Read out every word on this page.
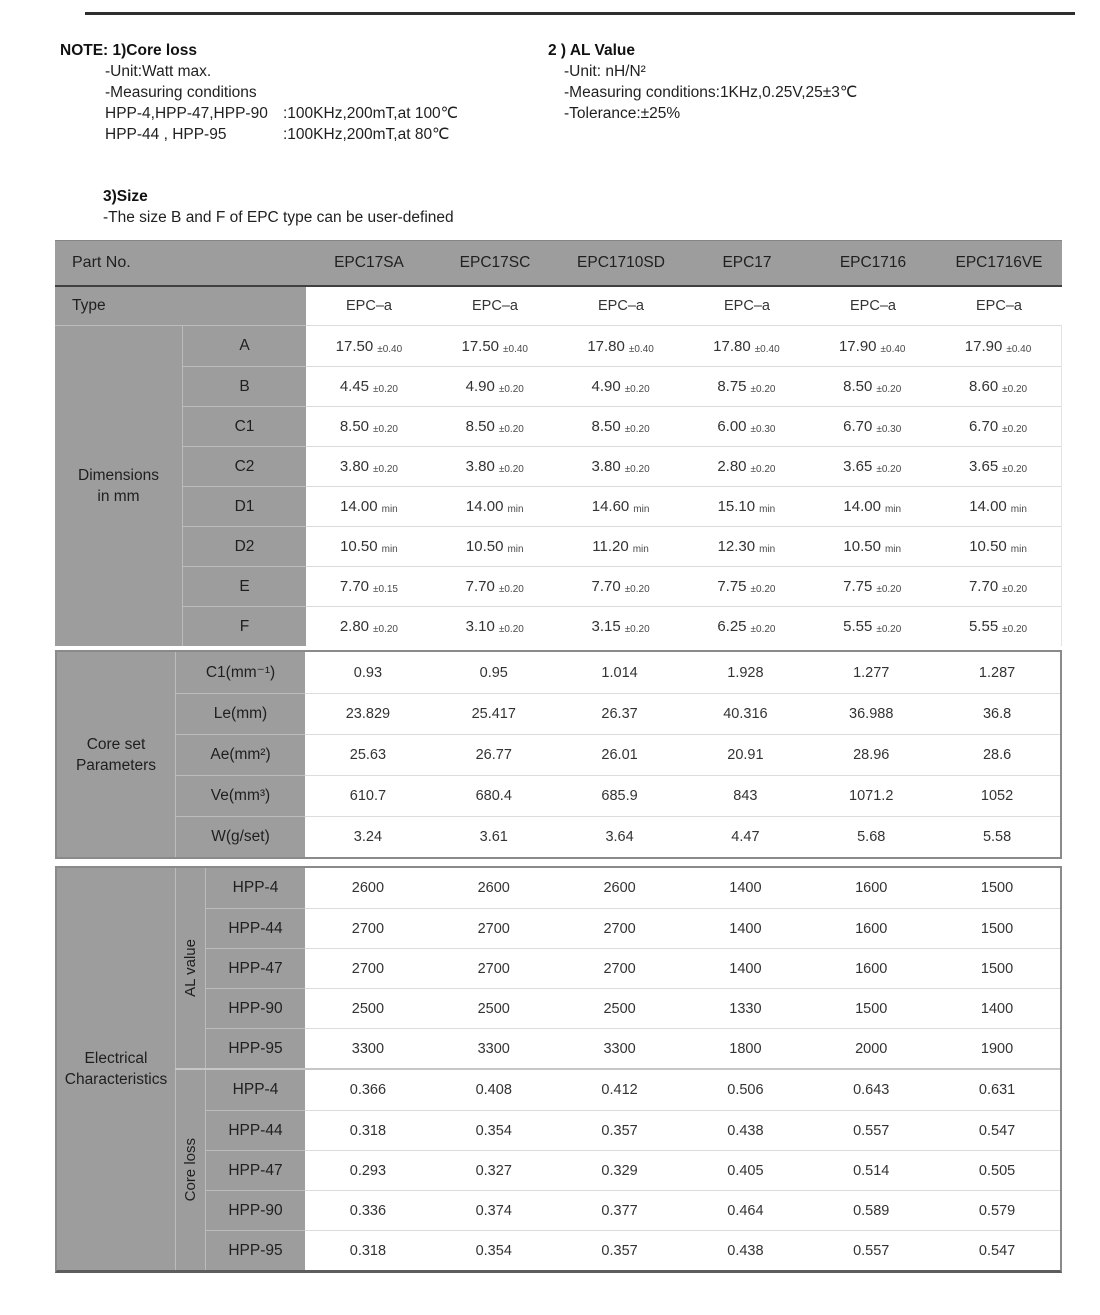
NOTE: 1)Core loss
-Unit:Watt max.
-Measuring conditions
HPP-4,HPP-47,HPP-90 :100KHz,200mT,at 100℃
HPP-44 , HPP-95	:100KHz,200mT,at 80℃
2 ) AL Value
-Unit: nH/N²
-Measuring conditions:1KHz,0.25V,25±3℃
-Tolerance:±25%
3)Size
-The size B and F of EPC type can be user-defined
Part No.	EPC17SA	EPC17SC	EPC1710SD	EPC17	EPC1716	EPC1716VE
Type	EPC–a	EPC–a	EPC–a	EPC–a	EPC–a	EPC–a
Dimensions
in mm
A	17.50 ±0.40	17.50 ±0.40	17.80 ±0.40	17.80 ±0.40	17.90 ±0.40	17.90 ±0.40
B	4.45 ±0.20	4.90 ±0.20	4.90 ±0.20	8.75 ±0.20	8.50 ±0.20	8.60 ±0.20
C1	8.50 ±0.20	8.50 ±0.20	8.50 ±0.20	6.00 ±0.30	6.70 ±0.30	6.70 ±0.20
C2	3.80 ±0.20	3.80 ±0.20	3.80 ±0.20	2.80 ±0.20	3.65 ±0.20	3.65 ±0.20
D1	14.00 min	14.00 min	14.60 min	15.10 min	14.00 min	14.00 min
D2	10.50 min	10.50 min	11.20 min	12.30 min	10.50 min	10.50 min
E	7.70 ±0.15	7.70 ±0.20	7.70 ±0.20	7.75 ±0.20	7.75 ±0.20	7.70 ±0.20
F	2.80 ±0.20	3.10 ±0.20	3.15 ±0.20	6.25 ±0.20	5.55 ±0.20	5.55 ±0.20
Core set
Parameters
C1(mm⁻¹)	0.93	0.95	1.014	1.928	1.277	1.287
Le(mm)	23.829	25.417	26.37	40.316	36.988	36.8
Ae(mm²)	25.63	26.77	26.01	20.91	28.96	28.6
Ve(mm³)	610.7	680.4	685.9	843	1071.2	1052
W(g/set)	3.24	3.61	3.64	4.47	5.68	5.58
Electrical
Characteristics
AL value
HPP-4	2600	2600	2600	1400	1600	1500
HPP-44	2700	2700	2700	1400	1600	1500
HPP-47	2700	2700	2700	1400	1600	1500
HPP-90	2500	2500	2500	1330	1500	1400
HPP-95	3300	3300	3300	1800	2000	1900
Core loss
HPP-4	0.366	0.408	0.412	0.506	0.643	0.631
HPP-44	0.318	0.354	0.357	0.438	0.557	0.547
HPP-47	0.293	0.327	0.329	0.405	0.514	0.505
HPP-90	0.336	0.374	0.377	0.464	0.589	0.579
HPP-95	0.318	0.354	0.357	0.438	0.557	0.547
